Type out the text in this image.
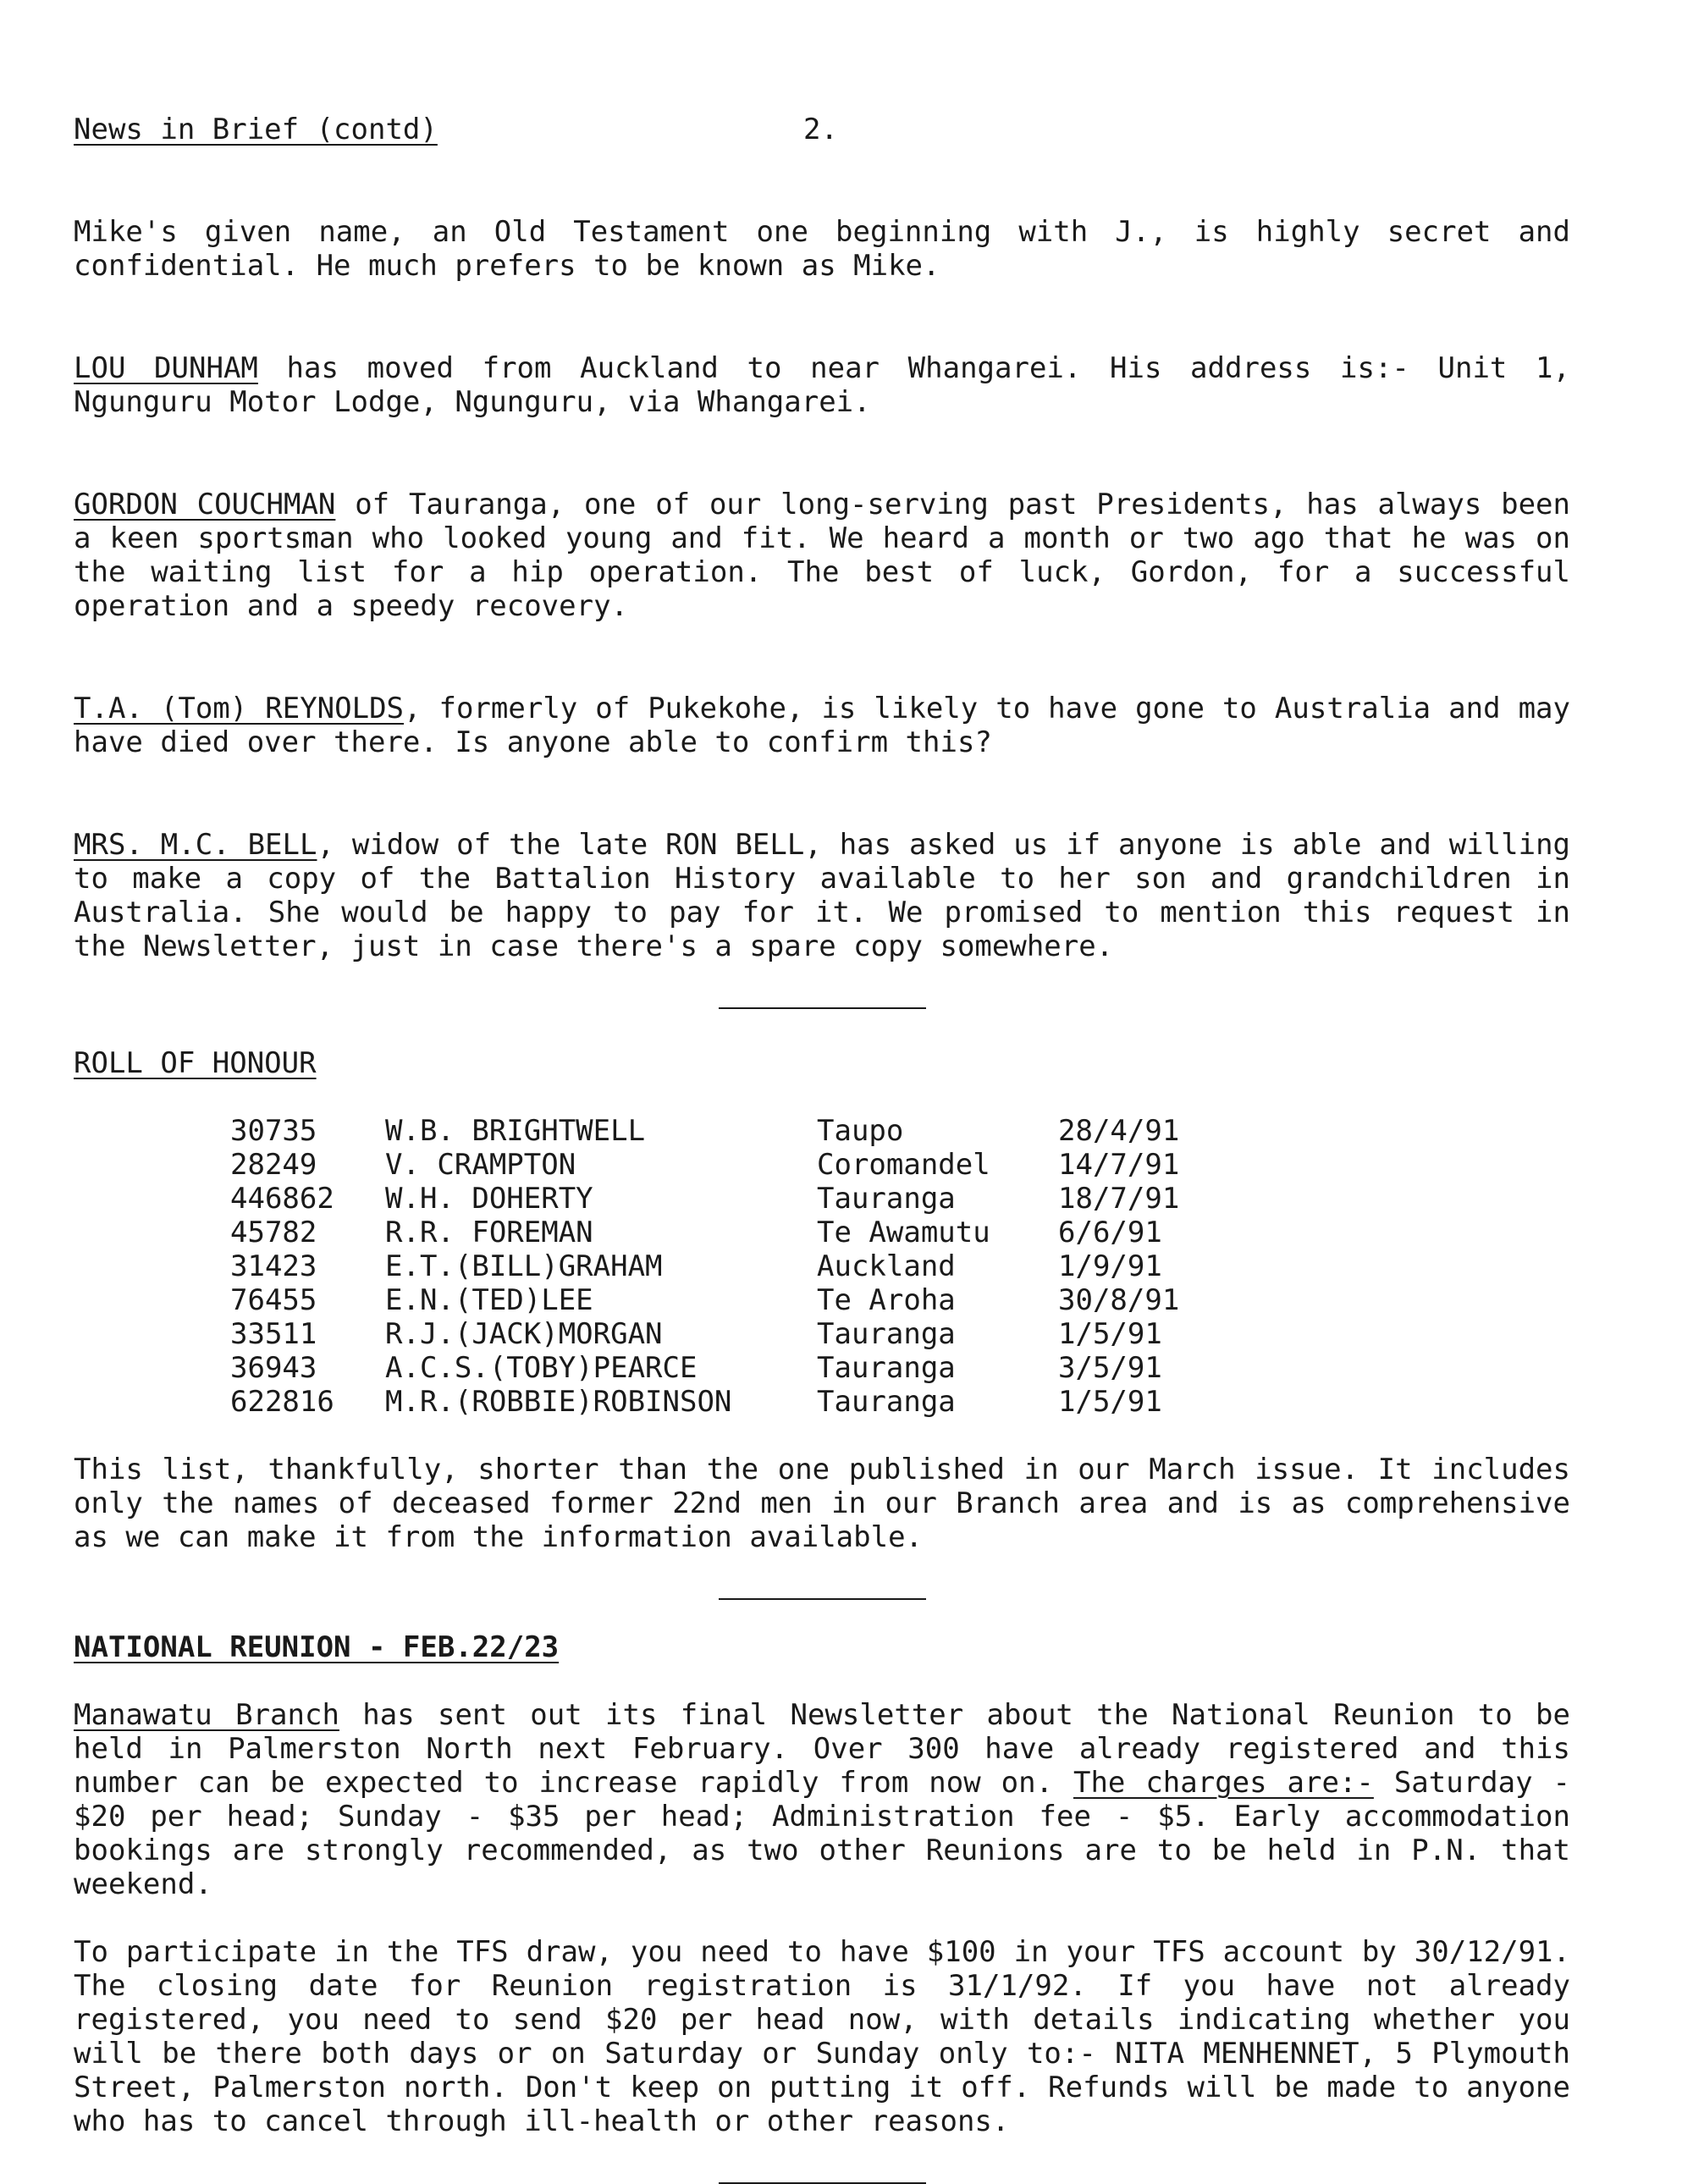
News in Brief (contd)	2.

Mike's given name, an Old Testament one beginning with J., is highly secret and confidential. He much prefers to be known as Mike.

LOU DUNHAM has moved from Auckland to near Whangarei. His address is:- Unit 1, Ngunguru Motor Lodge, Ngunguru, via Whangarei.

GORDON COUCHMAN of Tauranga, one of our long-serving past Presidents, has always been a keen sportsman who looked young and fit. We heard a month or two ago that he was on the waiting list for a hip operation. The best of luck, Gordon, for a successful operation and a speedy recovery.

T.A. (Tom) REYNOLDS, formerly of Pukekohe, is likely to have gone to Australia and may have died over there. Is anyone able to confirm this?

MRS. M.C. BELL, widow of the late RON BELL, has asked us if anyone is able and willing to make a copy of the Battalion History available to her son and grandchildren in Australia. She would be happy to pay for it. We promised to mention this request in the Newsletter, just in case there's a spare copy somewhere.

ROLL OF HONOUR

30735	W.B. BRIGHTWELL	Taupo	28/4/91
28249	V. CRAMPTON	Coromandel	14/7/91
446862	W.H. DOHERTY	Tauranga	18/7/91
45782	R.R. FOREMAN	Te Awamutu	6/6/91
31423	E.T.(BILL)GRAHAM	Auckland	1/9/91
76455	E.N.(TED)LEE	Te Aroha	30/8/91
33511	R.J.(JACK)MORGAN	Tauranga	1/5/91
36943	A.C.S.(TOBY)PEARCE	Tauranga	3/5/91
622816	M.R.(ROBBIE)ROBINSON	Tauranga	1/5/91

This list, thankfully, shorter than the one published in our March issue. It includes only the names of deceased former 22nd men in our Branch area and is as comprehensive as we can make it from the information available.

NATIONAL REUNION - FEB.22/23

Manawatu Branch has sent out its final Newsletter about the National Reunion to be held in Palmerston North next February. Over 300 have already registered and this number can be expected to increase rapidly from now on. The charges are:- Saturday - $20 per head; Sunday - $35 per head; Administration fee - $5. Early accommodation bookings are strongly recommended, as two other Reunions are to be held in P.N. that weekend.

To participate in the TFS draw, you need to have $100 in your TFS account by 30/12/91. The closing date for Reunion registration is 31/1/92. If you have not already registered, you need to send $20 per head now, with details indicating whether you will be there both days or on Saturday or Sunday only to:- NITA MENHENNET, 5 Plymouth Street, Palmerston north. Don't keep on putting it off. Refunds will be made to anyone who has to cancel through ill-health or other reasons.
